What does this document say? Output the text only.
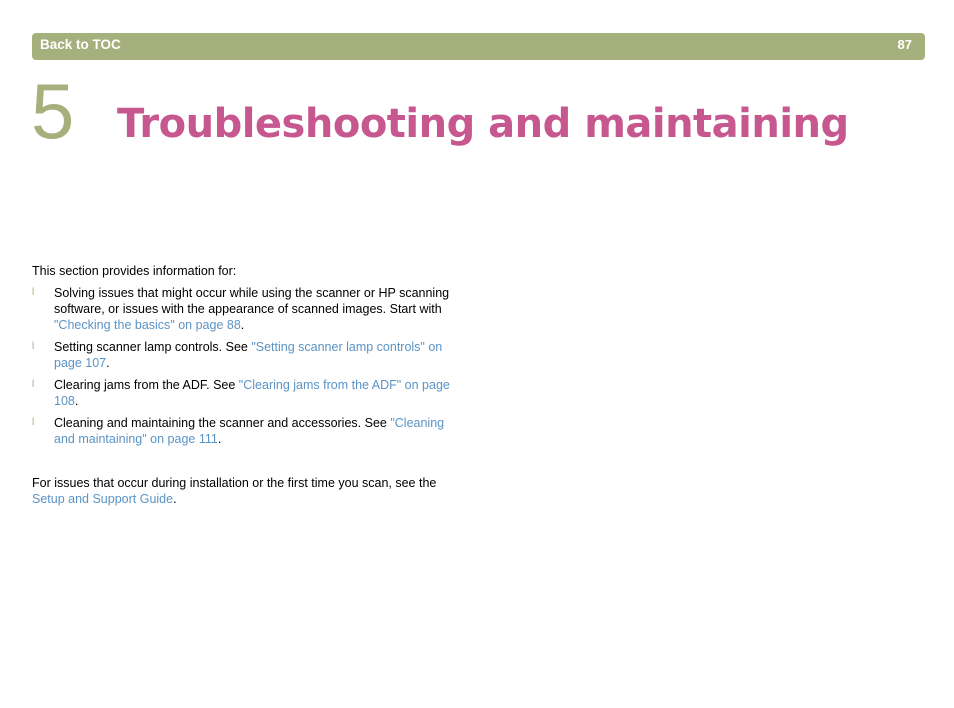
Back to TOC	87
5 Troubleshooting and maintaining

This section provides information for:

l Solving issues that might occur while using the scanner or HP scanning software, or issues with the appearance of scanned images. Start with "Checking the basics" on page 88.
l Setting scanner lamp controls. See "Setting scanner lamp controls" on page 107.
l Clearing jams from the ADF. See "Clearing jams from the ADF" on page 108.
l Cleaning and maintaining the scanner and accessories. See "Cleaning and maintaining" on page 111.

For issues that occur during installation or the first time you scan, see the Setup and Support Guide.
